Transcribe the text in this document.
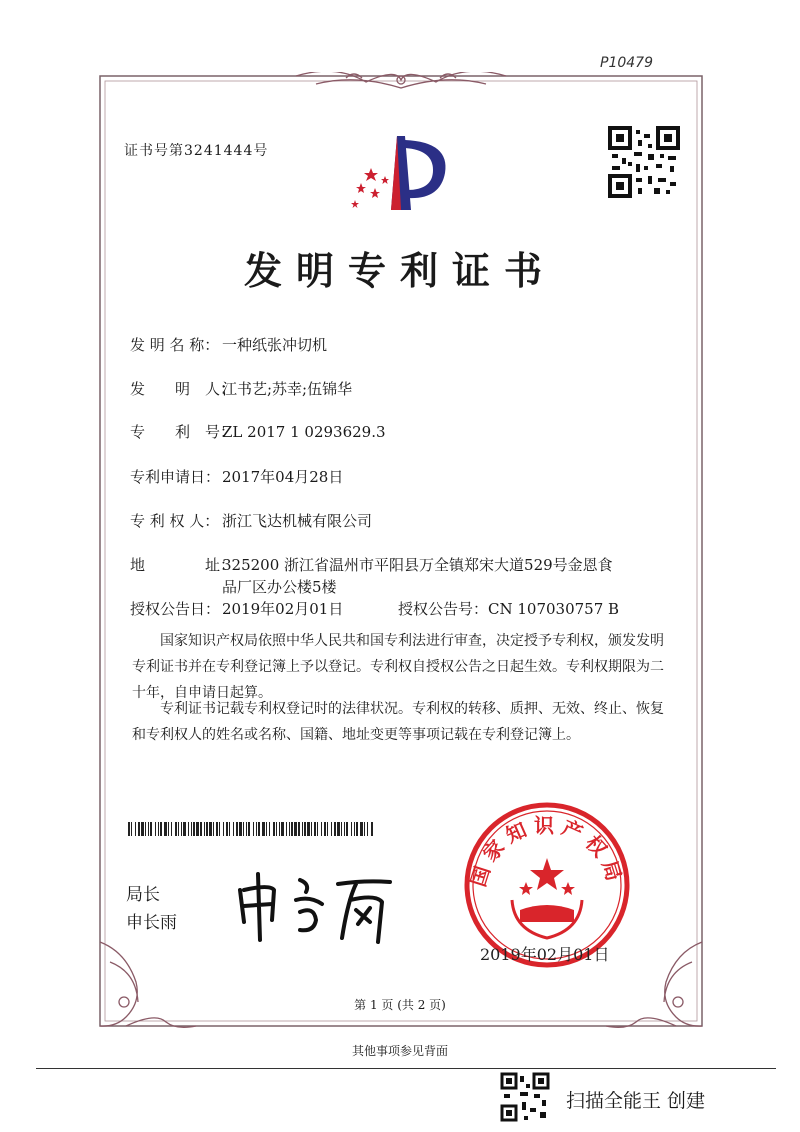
P10479
证书号第3241444号
发明专利证书
发 明 名 称： 一种纸张冲切机
发　　明　人：江书艺;苏幸;伍锦华
专　　利　号：ZL 2017 1 0293629.3
专利申请日： 2017年04月28日
专 利 权 人： 浙江飞达机械有限公司
地　　　　址：325200 浙江省温州市平阳县万全镇郑宋大道529号金恩食
品厂区办公楼5楼
授权公告日： 2019年02月01日	授权公告号：CN 107030757 B
国家知识产权局依照中华人民共和国专利法进行审查，决定授予专利权，颁发发明专利证书并在专利登记簿上予以登记。专利权自授权公告之日起生效。专利权期限为二十年，自申请日起算。
专利证书记载专利权登记时的法律状况。专利权的转移、质押、无效、终止、恢复和专利权人的姓名或名称、国籍、地址变更等事项记载在专利登记簿上。
局长
申长雨
国家知识产权局
2019年02月01日
第 1 页 (共 2 页)
其他事项参见背面
扫描全能王 创建
